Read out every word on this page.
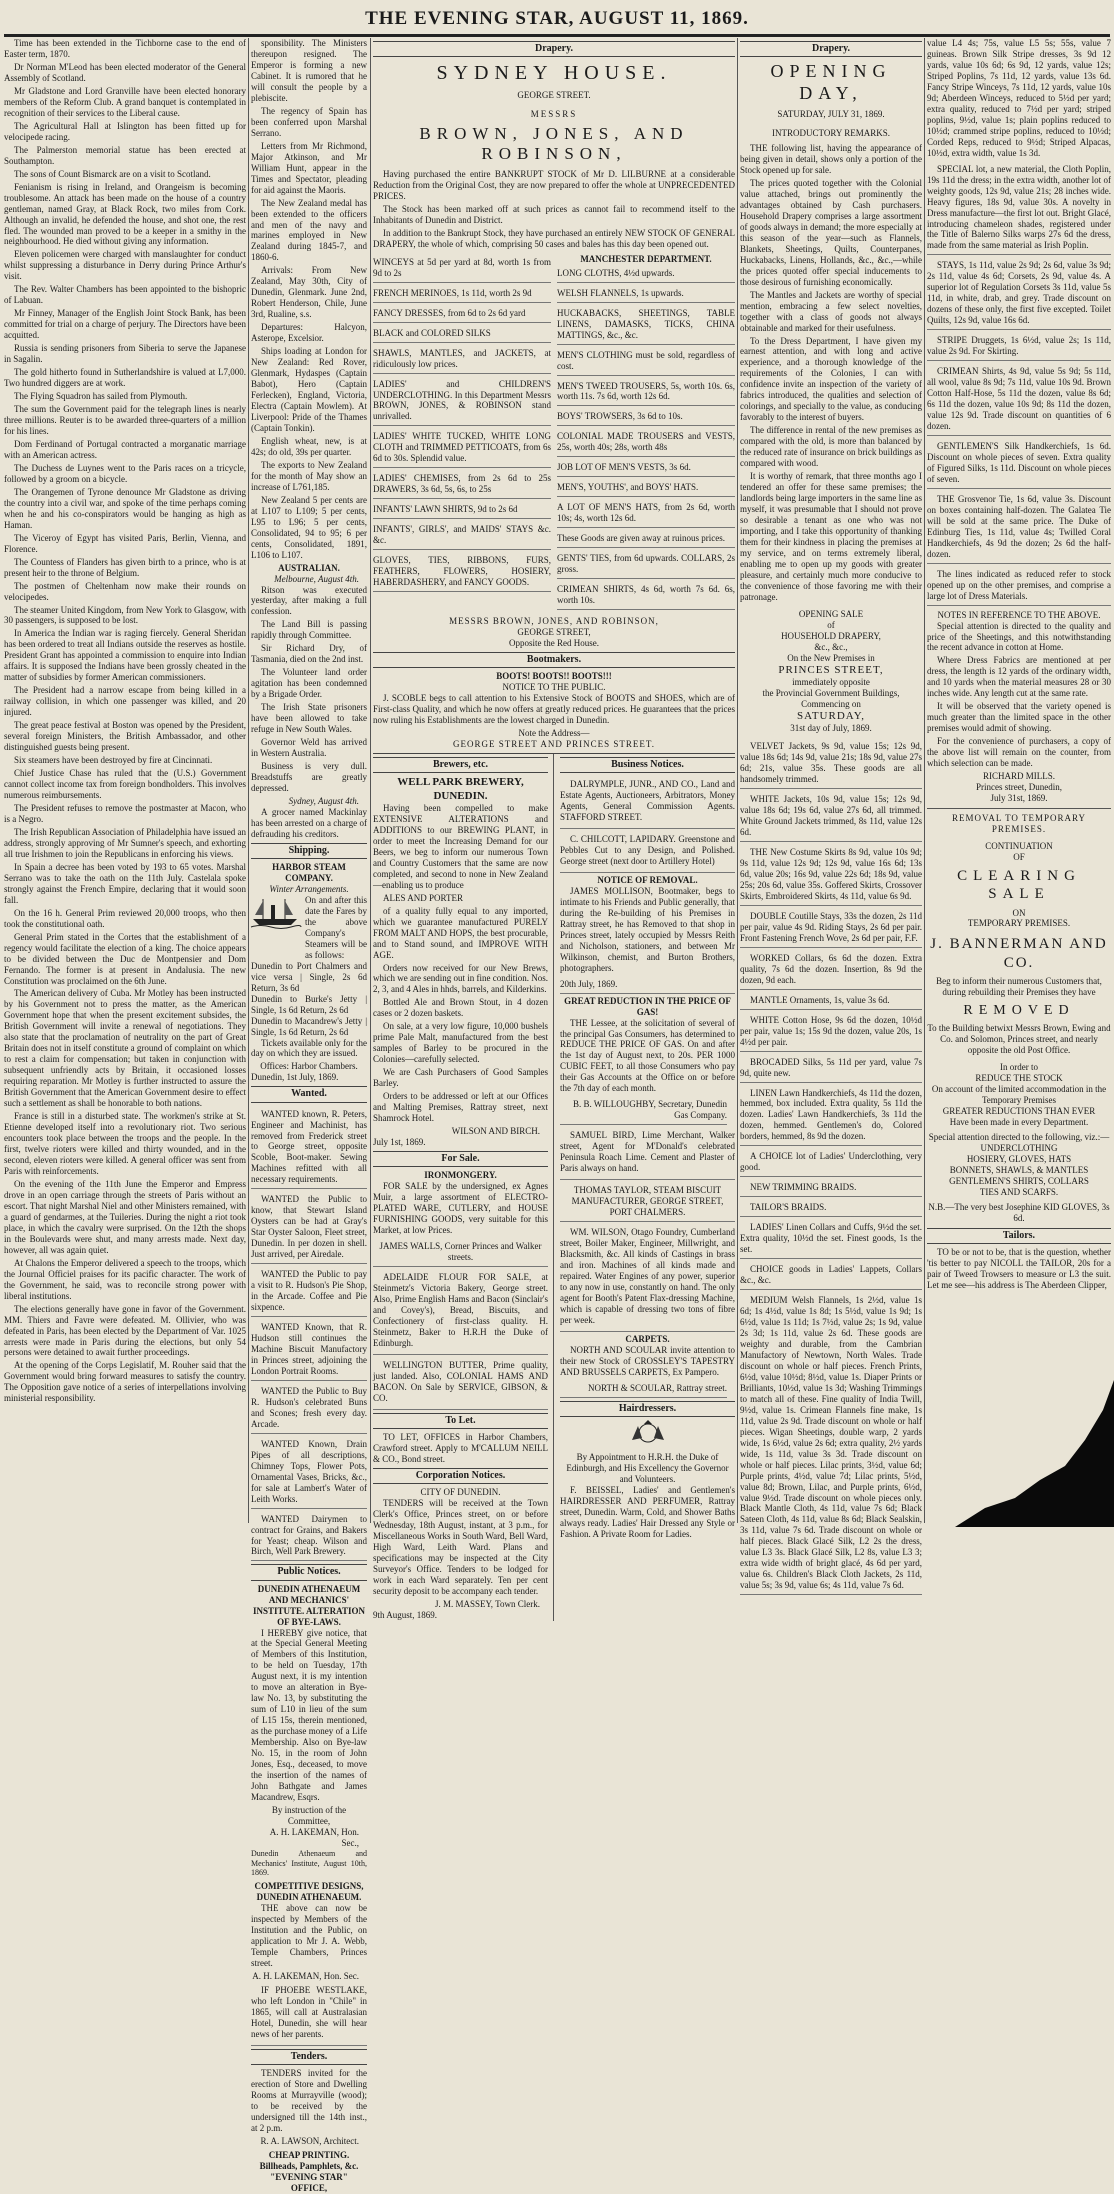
THE EVENING STAR, AUGUST 11, 1869.

Time has been extended in the Tichborne case to the end of Easter term, 1870.

Dr Norman M'Leod has been elected moderator of the General Assembly of Scotland.

Mr Gladstone and Lord Granville have been elected honorary members of the Reform Club. A grand banquet is contemplated in recognition of their services to the Liberal cause.

The Agricultural Hall at Islington has been fitted up for velocipede racing.

The Palmerston memorial statue has been erected at Southampton.

The sons of Count Bismarck are on a visit to Scotland.

Fenianism is rising in Ireland, and Orangeism is becoming troublesome. An attack has been made on the house of a country gentleman, named Gray, at Black Rock, two miles from Cork. Although an invalid, he defended the house, and shot one, the rest fled. The wounded man proved to be a keeper in a smithy in the neighbourhood. He died without giving any information.

Eleven policemen were charged with manslaughter for conduct whilst suppressing a disturbance in Derry during Prince Arthur's visit.

The Rev. Walter Chambers has been appointed to the bishopric of Labuan.

Mr Finney, Manager of the English Joint Stock Bank, has been committed for trial on a charge of perjury. The Directors have been acquitted.

Russia is sending prisoners from Siberia to serve the Japanese in Sagalin.

The gold hitherto found in Sutherlandshire is valued at L7,000. Two hundred diggers are at work.

The Flying Squadron has sailed from Plymouth.

The sum the Government paid for the telegraph lines is nearly three millions. Reuter is to be awarded three-quarters of a million for his lines.

Dom Ferdinand of Portugal contracted a morganatic marriage with an American actress.

The Duchess de Luynes went to the Paris races on a tricycle, followed by a groom on a bicycle.

The Orangemen of Tyrone denounce Mr Gladstone as driving the country into a civil war, and spoke of the time perhaps coming when he and his co-conspirators would be hanging as high as Haman.

The Viceroy of Egypt has visited Paris, Berlin, Vienna, and Florence.

The Countess of Flanders has given birth to a prince, who is at present heir to the throne of Belgium.

The postmen of Cheltenham now make their rounds on velocipedes.

The steamer United Kingdom, from New York to Glasgow, with 30 passengers, is supposed to be lost.

In America the Indian war is raging fiercely. General Sheridan has been ordered to treat all Indians outside the reserves as hostile. President Grant has appointed a commission to enquire into Indian affairs. It is supposed the Indians have been grossly cheated in the matter of subsidies by former American commissioners.

The President had a narrow escape from being killed in a railway collision, in which one passenger was killed, and 20 injured.

The great peace festival at Boston was opened by the President, several foreign Ministers, the British Ambassador, and other distinguished guests being present.

Six steamers have been destroyed by fire at Cincinnati.

Chief Justice Chase has ruled that the (U.S.) Government cannot collect income tax from foreign bondholders. This involves numerous reimbursements.

The President refuses to remove the postmaster at Macon, who is a Negro.

The Irish Republican Association of Philadelphia have issued an address, strongly approving of Mr Sumner's speech, and exhorting all true Irishmen to join the Republicans in enforcing his views.

In Spain a decree has been voted by 193 to 65 votes. Marshal Serrano was to take the oath on the 11th July. Castelala spoke strongly against the French Empire, declaring that it would soon fall.

On the 16 h. General Prim reviewed 20,000 troops, who then took the constitutional oath.

General Prim stated in the Cortes that the establishment of a regency would facilitate the election of a king. The choice appears to be divided between the Duc de Montpensier and Dom Fernando. The former is at present in Andalusia. The new Constitution was proclaimed on the 6th June.

The American delivery of Cuba. Mr Motley has been instructed by his Government not to press the matter, as the American Government hope that when the present excitement subsides, the British Government will invite a renewal of negotiations. They also state that the proclamation of neutrality on the part of Great Britain does not in itself constitute a ground of complaint on which to rest a claim for compensation; but taken in conjunction with subsequent unfriendly acts by Britain, it occasioned losses requiring reparation. Mr Motley is further instructed to assure the British Government that the American Government desire to effect such a settlement as shall be honorable to both nations.

France is still in a disturbed state. The workmen's strike at St. Etienne developed itself into a revolutionary riot. Two serious encounters took place between the troops and the people. In the first, twelve rioters were killed and thirty wounded, and in the second, eleven rioters were killed. A general officer was sent from Paris with reinforcements.

On the evening of the 11th June the Emperor and Empress drove in an open carriage through the streets of Paris without an escort. That night Marshal Niel and other Ministers remained, with a guard of gendarmes, at the Tuileries. During the night a riot took place, in which the cavalry were surprised. On the 12th the shops in the Boulevards were shut, and many arrests made. Next day, however, all was again quiet.

At Chalons the Emperor delivered a speech to the troops, which the Journal Officiel praises for its pacific character. The work of the Government, he said, was to reconcile strong power with liberal institutions.

The elections generally have gone in favor of the Government. MM. Thiers and Favre were defeated. M. Ollivier, who was defeated in Paris, has been elected by the Department of Var. 1025 arrests were made in Paris during the elections, but only 54 persons were detained to await further proceedings.

At the opening of the Corps Legislatif, M. Rouher said that the Government would bring forward measures to satisfy the country. The Opposition gave notice of a series of interpellations involving ministerial responsibility.

sponsibility. The Ministers thereupon resigned. The Emperor is forming a new Cabinet. It is rumored that he will consult the people by a plebiscite.

The regency of Spain has been conferred upon Marshal Serrano.

Letters from Mr Richmond, Major Atkinson, and Mr William Hunt, appear in the Times and Spectator, pleading for aid against the Maoris.

The New Zealand medal has been extended to the officers and men of the navy and marines employed in New Zealand during 1845-7, and 1860-6.

Arrivals: From New Zealand, May 30th, City of Dunedin, Glenmark. June 2nd, Robert Henderson, Chile, June 3rd, Rualine, s.s.

Departures: Halcyon, Asterope, Excelsior.

Ships loading at London for New Zealand: Red Rover, Glenmark, Hydaspes (Captain Babot), Hero (Captain Ferlecken), England, Victoria, Electra (Captain Mowlem). At Liverpool: Pride of the Thames (Captain Tonkin).

English wheat, new, is at 42s; do old, 39s per quarter.

The exports to New Zealand for the month of May show an increase of L761,185.

New Zealand 5 per cents are at L107 to L109; 5 per cents, L95 to L96; 5 per cents, Consolidated, 94 to 95; 6 per cents, Consolidated, 1891, L106 to L107.

AUSTRALIAN.
Melbourne, August 4th.

Ritson was executed yesterday, after making a full confession.

The Land Bill is passing rapidly through Committee.

Sir Richard Dry, of Tasmania, died on the 2nd inst.

The Volunteer land order agitation has been condemned by a Brigade Order.

The Irish State prisoners have been allowed to take refuge in New South Wales.

Governor Weld has arrived in Western Australia.

Business is very dull. Breadstuffs are greatly depressed.

Sydney, August 4th.

A grocer named Mackinlay has been arrested on a charge of defrauding his creditors.

Shipping.
HARBOR STEAM COMPANY.
Winter Arrangements.
On and after this date the Fares by the above Company's Steamers will be as follows:
Dunedin to Port Chalmers and vice versa | Single, 2s 6d Return, 3s 6d
Dunedin to Burke's Jetty | Single, 1s 6d Return, 2s 6d
Dunedin to Macandrew's Jetty | Single, 1s 6d Return, 2s 6d

Tickets available only for the day on which they are issued.

Offices: Harbor Chambers.
Dunedin, 1st July, 1869.
Wanted.

WANTED known, R. Peters, Engineer and Machinist, has removed from Frederick street to George street, opposite Scoble, Boot-maker. Sewing Machines refitted with all necessary requirements.

WANTED the Public to know, that Stewart Island Oysters can be had at Gray's Star Oyster Saloon, Fleet street, Dunedin. In per dozen in shell. Just arrived, per Airedale.

WANTED the Public to pay a visit to R. Hudson's Pie Shop, in the Arcade. Coffee and Pie sixpence.

WANTED Known, that R. Hudson still continues the Machine Biscuit Manufactory in Princes street, adjoining the London Portrait Rooms.

WANTED the Public to Buy R. Hudson's celebrated Buns and Scones; fresh every day. Arcade.

WANTED Known, Drain Pipes of all descriptions, Chimney Tops, Flower Pots, Ornamental Vases, Bricks, &c., for sale at Lambert's Water of Leith Works.

WANTED Dairymen to contract for Grains, and Bakers for Yeast; cheap. Wilson and Birch, Well Park Brewery.

Public Notices.
DUNEDIN ATHENAEUM AND MECHANICS' INSTITUTE. ALTERATION OF BYE-LAWS.

I HEREBY give notice, that at the Special General Meeting of Members of this Institution, to be held on Tuesday, 17th August next, it is my intention to move an alteration in Bye-law No. 13, by substituting the sum of L10 in lieu of the sum of L15 15s, therein mentioned, as the purchase money of a Life Membership. Also on Bye-law No. 15, in the room of John Jones, Esq., deceased, to move the insertion of the names of John Bathgate and James Macandrew, Esqrs.

By instruction of the Committee,
A. H. LAKEMAN, Hon. Sec.,
Dunedin Athenaeum and Mechanics' Institute, August 10th, 1869.
COMPETITIVE DESIGNS, DUNEDIN ATHENAEUM.

THE above can now be inspected by Members of the Institution and the Public, on application to Mr J. A. Webb, Temple Chambers, Princes street.

A. H. LAKEMAN, Hon. Sec.

IF PHOEBE WESTLAKE, who left London in "Chile" in 1865, will call at Australasian Hotel, Dunedin, she will hear news of her parents.

Tenders.

TENDERS invited for the erection of Store and Dwelling Rooms at Murrayville (wood); to be received by the undersigned till the 14th inst., at 2 p.m.

R. A. LAWSON, Architect.
CHEAP PRINTING. Billheads, Pamphlets, &c. "EVENING STAR" OFFICE,
Drapery.
SYDNEY HOUSE.
GEORGE STREET.
MESSRS
BROWN, JONES, AND ROBINSON,

Having purchased the entire BANKRUPT STOCK of Mr D. LILBURNE at a considerable Reduction from the Original Cost, they are now prepared to offer the whole at UNPRECEDENTED PRICES.

The Stock has been marked off at such prices as cannot fail to recommend itself to the Inhabitants of Dunedin and District.

In addition to the Bankrupt Stock, they have purchased an entirely NEW STOCK OF GENERAL DRAPERY, the whole of which, comprising 50 cases and bales has this day been opened out.

WINCEYS at 5d per yard at 8d, worth 1s from 9d to 2s
FRENCH MERINOES, 1s 11d, worth 2s 9d
FANCY DRESSES, from 6d to 2s 6d yard
BLACK and COLORED SILKS
SHAWLS, MANTLES, and JACKETS, at ridiculously low prices.
LADIES' and CHILDREN'S UNDERCLOTHING. In this Department Messrs BROWN, JONES, & ROBINSON stand unrivalled.
LADIES' WHITE TUCKED, WHITE LONG CLOTH and TRIMMED PETTICOATS, from 6s 6d to 30s. Splendid value.
LADIES' CHEMISES, from 2s 6d to 25s DRAWERS, 3s 6d, 5s, 6s, to 25s
INFANTS' LAWN SHIRTS, 9d to 2s 6d
INFANTS', GIRLS', and MAIDS' STAYS &c. &c.
GLOVES, TIES, RIBBONS, FURS, FEATHERS, FLOWERS, HOSIERY, HABERDASHERY, and FANCY GOODS.
MANCHESTER DEPARTMENT.
LONG CLOTHS, 4½d upwards.
WELSH FLANNELS, 1s upwards.
HUCKABACKS, SHEETINGS, TABLE LINENS, DAMASKS, TICKS, CHINA MATTINGS, &c., &c.
MEN'S CLOTHING must be sold, regardless of cost.
MEN'S TWEED TROUSERS, 5s, worth 10s. 6s, worth 11s. 7s 6d, worth 12s 6d.
BOYS' TROWSERS, 3s 6d to 10s.
COLONIAL MADE TROUSERS and VESTS, 25s, worth 40s; 28s, worth 48s
JOB LOT OF MEN'S VESTS, 3s 6d.
MEN'S, YOUTHS', and BOYS' HATS.
A LOT OF MEN'S HATS, from 2s 6d, worth 10s; 4s, worth 12s 6d.
These Goods are given away at ruinous prices.
GENTS' TIES, from 6d upwards. COLLARS, 2s gross.
CRIMEAN SHIRTS, 4s 6d, worth 7s 6d. 6s, worth 10s.
MESSRS BROWN, JONES, AND ROBINSON,
GEORGE STREET,
Opposite the Red House.
Bootmakers.
BOOTS! BOOTS!! BOOTS!!!
NOTICE TO THE PUBLIC.

J. SCOBLE begs to call attention to his Extensive Stock of BOOTS and SHOES, which are of First-class Quality, and which he now offers at greatly reduced prices. He guarantees that the prices now ruling his Establishments are the lowest charged in Dunedin.

Note the Address—
GEORGE STREET AND PRINCES STREET.
Brewers, etc.
WELL PARK BREWERY, DUNEDIN.

Having been compelled to make EXTENSIVE ALTERATIONS and ADDITIONS to our BREWING PLANT, in order to meet the Increasing Demand for our Beers, we beg to inform our numerous Town and Country Customers that the same are now completed, and second to none in New Zealand—enabling us to produce

ALES AND PORTER

of a quality fully equal to any imported, which we guarantee manufactured PURELY FROM MALT AND HOPS, the best procurable, and to Stand sound, and IMPROVE WITH AGE.

Orders now received for our New Brews, which we are sending out in fine condition. Nos. 2, 3, and 4 Ales in hhds, barrels, and Kilderkins.

Bottled Ale and Brown Stout, in 4 dozen cases or 2 dozen baskets.

On sale, at a very low figure, 10,000 bushels prime Pale Malt, manufactured from the best samples of Barley to be procured in the Colonies—carefully selected.

We are Cash Purchasers of Good Samples Barley.

Orders to be addressed or left at our Offices and Malting Premises, Rattray street, next Shamrock Hotel.

WILSON AND BIRCH.
July 1st, 1869.
For Sale.
IRONMONGERY.

FOR SALE by the undersigned, ex Agnes Muir, a large assortment of ELECTRO-PLATED WARE, CUTLERY, and HOUSE FURNISHING GOODS, very suitable for this Market, at low Prices.

JAMES WALLS, Corner Princes and Walker streets.

ADELAIDE FLOUR FOR SALE, at Steinmetz's Victoria Bakery, George street. Also, Prime English Hams and Bacon (Sinclair's and Covey's), Bread, Biscuits, and Confectionery of first-class quality. H. Steinmetz, Baker to H.R.H the Duke of Edinburgh.

WELLINGTON BUTTER, Prime quality, just landed. Also, COLONIAL HAMS AND BACON. On Sale by SERVICE, GIBSON, & CO.

To Let.

TO LET, OFFICES in Harbor Chambers, Crawford street. Apply to M'CALLUM NEILL & CO., Bond street.

Corporation Notices.
CITY OF DUNEDIN.

TENDERS will be received at the Town Clerk's Office, Princes street, on or before Wednesday, 18th August, instant, at 3 p.m., for Miscellaneous Works in South Ward, Bell Ward, High Ward, Leith Ward. Plans and specifications may be inspected at the City Surveyor's Office. Tenders to be lodged for work in each Ward separately. Ten per cent security deposit to be accompany each tender.

J. M. MASSEY, Town Clerk.
9th August, 1869.
Business Notices.

DALRYMPLE, JUNR., AND CO., Land and Estate Agents, Auctioneers, Arbitrators, Money Agents, General Commission Agents. STAFFORD STREET.

C. CHILCOTT, LAPIDARY. Greenstone and Pebbles Cut to any Design, and Polished. George street (next door to Artillery Hotel)

NOTICE OF REMOVAL.

JAMES MOLLISON, Bootmaker, begs to intimate to his Friends and Public generally, that during the Re-building of his Premises in Rattray street, he has Removed to that shop in Princes street, lately occupied by Messrs Reith and Nicholson, stationers, and between Mr Wilkinson, chemist, and Burton Brothers, photographers.

20th July, 1869.
GREAT REDUCTION IN THE PRICE OF GAS!

THE Lessee, at the solicitation of several of the principal Gas Consumers, has determined to REDUCE THE PRICE OF GAS. On and after the 1st day of August next, to 20s. PER 1000 CUBIC FEET, to all those Consumers who pay their Gas Accounts at the Office on or before the 7th day of each month.

B. B. WILLOUGHBY, Secretary, Dunedin Gas Company.

SAMUEL BIRD, Lime Merchant, Walker street, Agent for M'Donald's celebrated Peninsula Roach Lime. Cement and Plaster of Paris always on hand.

THOMAS TAYLOR, STEAM BISCUIT MANUFACTURER, GEORGE STREET, PORT CHALMERS.

WM. WILSON, Otago Foundry, Cumberland street, Boiler Maker, Engineer, Millwright, and Blacksmith, &c. All kinds of Castings in brass and iron. Machines of all kinds made and repaired. Water Engines of any power, superior to any now in use, constantly on hand. The only agent for Booth's Patent Flax-dressing Machine, which is capable of dressing two tons of fibre per week.

CARPETS.

NORTH AND SCOULAR invite attention to their new Stock of CROSSLEY'S TAPESTRY AND BRUSSELS CARPETS, Ex Pampero.

NORTH & SCOULAR, Rattray street.
Hairdressers.
By Appointment to H.R.H. the Duke of Edinburgh, and His Excellency the Governor and Volunteers.

F. BEISSEL, Ladies' and Gentlemen's HAIRDRESSER AND PERFUMER, Rattray street, Dunedin. Warm, Cold, and Shower Baths always ready. Ladies' Hair Dressed any Style or Fashion. A Private Room for Ladies.

Drapery.
OPENING DAY,
SATURDAY, JULY 31, 1869.
INTRODUCTORY REMARKS.

THE following list, having the appearance of being given in detail, shows only a portion of the Stock opened up for sale.

The prices quoted together with the Colonial value attached, brings out prominently the advantages obtained by Cash purchasers. Household Drapery comprises a large assortment of goods always in demand; the more especially at this season of the year—such as Flannels, Blankets, Sheetings, Quilts, Counterpanes, Huckabacks, Linens, Hollands, &c., &c.,—while the prices quoted offer special inducements to those desirous of furnishing economically.

The Mantles and Jackets are worthy of special mention, embracing a few select novelties, together with a class of goods not always obtainable and marked for their usefulness.

To the Dress Department, I have given my earnest attention, and with long and active experience, and a thorough knowledge of the requirements of the Colonies, I can with confidence invite an inspection of the variety of fabrics introduced, the qualities and selection of colorings, and specially to the value, as conducing favorably to the interest of buyers.

The difference in rental of the new premises as compared with the old, is more than balanced by the reduced rate of insurance on brick buildings as compared with wood.

It is worthy of remark, that three months ago I tendered an offer for these same premises; the landlords being large importers in the same line as myself, it was presumable that I should not prove so desirable a tenant as one who was not importing, and I take this opportunity of thanking them for their kindness in placing the premises at my service, and on terms extremely liberal, enabling me to open up my goods with greater pleasure, and certainly much more conducive to the convenience of those favoring me with their patronage.

OPENING SALE
of
HOUSEHOLD DRAPERY,
&c., &c.,
On the New Premises in
PRINCES STREET,
immediately opposite
the Provincial Government Buildings,
Commencing on
SATURDAY,
31st day of July, 1869.

VELVET Jackets, 9s 9d, value 15s; 12s 9d, value 18s 6d; 14s 9d, value 21s; 18s 9d, value 27s 6d; 21s, value 35s. These goods are all handsomely trimmed.

WHITE Jackets, 10s 9d, value 15s; 12s 9d, value 18s 6d; 19s 6d, value 27s 6d, all trimmed. White Ground Jackets trimmed, 8s 11d, value 12s 6d.

THE New Costume Skirts 8s 9d, value 10s 9d; 9s 11d, value 12s 9d; 12s 9d, value 16s 6d; 13s 6d, value 20s; 16s 9d, value 22s 6d; 18s 9d, value 25s; 20s 6d, value 35s. Goffered Skirts, Crossover Skirts, Embroidered Skirts, 4s 11d, value 6s 9d.

DOUBLE Coutille Stays, 33s the dozen, 2s 11d per pair, value 4s 9d. Riding Stays, 2s 6d per pair. Front Fastening French Wove, 2s 6d per pair, F.F.

WORKED Collars, 6s 6d the dozen. Extra quality, 7s 6d the dozen. Insertion, 8s 9d the dozen, 9d each.

MANTLE Ornaments, 1s, value 3s 6d.

WHITE Cotton Hose, 9s 6d the dozen, 10½d per pair, value 1s; 15s 9d the dozen, value 20s, 1s 4½d per pair.

BROCADED Silks, 5s 11d per yard, value 7s 9d, quite new.

LINEN Lawn Handkerchiefs, 4s 11d the dozen, hemmed, box included. Extra quality, 5s 11d the dozen. Ladies' Lawn Handkerchiefs, 3s 11d the dozen, hemmed. Gentlemen's do, Colored borders, hemmed, 8s 9d the dozen.

A CHOICE lot of Ladies' Underclothing, very good.

NEW TRIMMING BRAIDS.

TAILOR'S BRAIDS.

LADIES' Linen Collars and Cuffs, 9½d the set. Extra quality, 10½d the set. Finest goods, 1s the set.

CHOICE goods in Ladies' Lappets, Collars &c., &c.

MEDIUM Welsh Flannels, 1s 2½d, value 1s 6d; 1s 4½d, value 1s 8d; 1s 5½d, value 1s 9d; 1s 6½d, value 1s 11d; 1s 7½d, value 2s; 1s 9d, value 2s 3d; 1s 11d, value 2s 6d. These goods are weighty and durable, from the Cambrian Manufactory of Newtown, North Wales. Trade discount on whole or half pieces. French Prints, 6½d, value 10½d; 8½d, value 1s. Diaper Prints or Brilliants, 10½d, value 1s 3d; Washing Trimmings to match all of these. Fine quality of India Twill, 9½d, value 1s. Crimean Flannels fine make, 1s 11d, value 2s 9d. Trade discount on whole or half pieces. Wigan Sheetings, double warp, 2 yards wide, 1s 6½d, value 2s 6d; extra quality, 2½ yards wide, 1s 11d, value 3s 3d. Trade discount on whole or half pieces. Lilac prints, 3½d, value 6d; Purple prints, 4½d, value 7d; Lilac prints, 5½d, value 8d; Brown, Lilac, and Purple prints, 6½d, value 9½d. Trade discount on whole pieces only. Black Mantle Cloth, 4s 11d, value 7s 6d; Black Sateen Cloth, 4s 11d, value 8s 6d; Black Sealskin, 3s 11d, value 7s 6d. Trade discount on whole or half pieces. Black Glacé Silk, L2 2s the dress, value L3 3s. Black Glacé Silk, L2 8s, value L3 3; extra wide width of bright glacé, 4s 6d per yard, value 6s. Children's Black Cloth Jackets, 2s 11d, value 5s; 3s 9d, value 6s; 4s 11d, value 7s 6d.

value L4 4s; 75s, value L5 5s; 55s, value 7 guineas. Brown Silk Stripe dresses, 3s 9d 12 yards, value 10s 6d; 6s 9d, 12 yards, value 12s; Striped Poplins, 7s 11d, 12 yards, value 13s 6d. Fancy Stripe Winceys, 7s 11d, 12 yards, value 10s 9d; Aberdeen Winceys, reduced to 5½d per yard; extra quality, reduced to 7½d per yard; striped poplins, 9½d, value 1s; plain poplins reduced to 10½d; crammed stripe poplins, reduced to 10½d; Corded Reps, reduced to 9½d; Striped Alpacas, 10½d, extra width, value 1s 3d.

SPECIAL lot, a new material, the Cloth Poplin, 19s 11d the dress; in the extra width, another lot of weighty goods, 12s 9d, value 21s; 28 inches wide. Heavy figures, 18s 9d, value 30s. A novelty in Dress manufacture—the first lot out. Bright Glacé, introducing chameleon shades, registered under the Title of Balerno Silks warps 27s 6d the dress, made from the same material as Irish Poplin.

STAYS, 1s 11d, value 2s 9d; 2s 6d, value 3s 9d; 2s 11d, value 4s 6d; Corsets, 2s 9d, value 4s. A superior lot of Regulation Corsets 3s 11d, value 5s 11d, in white, drab, and grey. Trade discount on dozens of these only, the first five excepted. Toilet Quilts, 12s 9d, value 16s 6d.

STRIPE Druggets, 1s 6½d, value 2s; 1s 11d, value 2s 9d. For Skirting.

CRIMEAN Shirts, 4s 9d, value 5s 9d; 5s 11d, all wool, value 8s 9d; 7s 11d, value 10s 9d. Brown Cotton Half-Hose, 5s 11d the dozen, value 8s 6d; 6s 11d the dozen, value 10s 9d; 8s 11d the dozen, value 12s 9d. Trade discount on quantities of 6 dozen.

GENTLEMEN'S Silk Handkerchiefs, 1s 6d. Discount on whole pieces of seven. Extra quality of Figured Silks, 1s 11d. Discount on whole pieces of seven.

THE Grosvenor Tie, 1s 6d, value 3s. Discount on boxes containing half-dozen. The Galatea Tie will be sold at the same price. The Duke of Edinburg Ties, 1s 11d, value 4s; Twilled Coral Handkerchiefs, 4s 9d the dozen; 2s 6d the half-dozen.

The lines indicated as reduced refer to stock opened up on the other premises, and comprise a large lot of Dress Materials.

NOTES IN REFERENCE TO THE ABOVE.

Special attention is directed to the quality and price of the Sheetings, and this notwithstanding the recent advance in cotton at Home.

Where Dress Fabrics are mentioned at per dress, the length is 12 yards of the ordinary width, and 10 yards when the material measures 28 or 30 inches wide. Any length cut at the same rate.

It will be observed that the variety opened is much greater than the limited space in the other premises would admit of showing.

For the convenience of purchasers, a copy of the above list will remain on the counter, from which selection can be made.

RICHARD MILLS.
Princes street, Dunedin,
July 31st, 1869.
REMOVAL TO TEMPORARY PREMISES.
CONTINUATION
OF
CLEARING SALE
ON
TEMPORARY PREMISES.
J. BANNERMAN AND CO.
Beg to inform their numerous Customers that, during rebuilding their Premises they have
REMOVED
To the Building betwixt Messrs Brown, Ewing and Co. and Solomon, Princes street, and nearly opposite the old Post Office.
In order to
REDUCE THE STOCK
On account of the limited accommodation in the Temporary Premises
GREATER REDUCTIONS THAN EVER
Have been made in every Department.
Special attention directed to the following, viz.:—
UNDERCLOTHING
HOSIERY, GLOVES, HATS
BONNETS, SHAWLS, & MANTLES
GENTLEMEN'S SHIRTS, COLLARS
TIES AND SCARFS.
N.B.—The very best Josephine KID GLOVES, 3s 6d.
Tailors.

TO be or not to be, that is the question, whether 'tis better to pay NICOLL the TAILOR, 20s for a pair of Tweed Trowsers to measure or L3 the suit. Let me see—his address is The Aberdeen Clipper,
